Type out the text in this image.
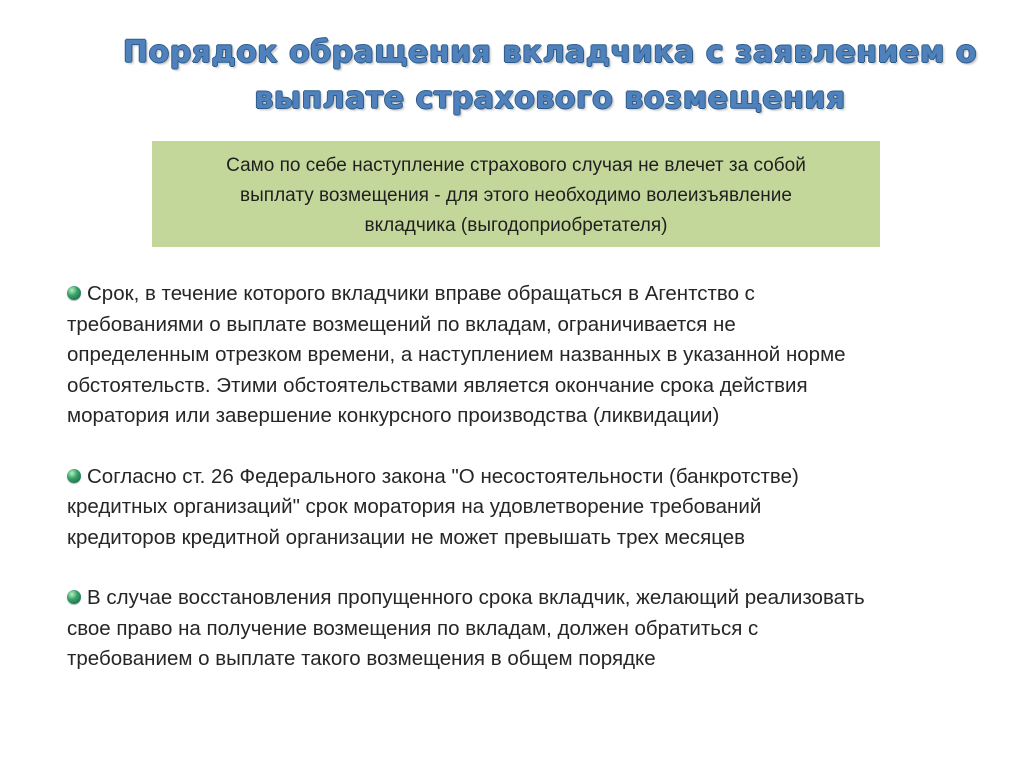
Порядок обращения вкладчика с заявлением о
выплате страхового возмещения
Само по себе наступление страхового случая не влечет за собой
выплату возмещения - для этого необходимо волеизъявление
вкладчика (выгодоприобретателя)
Срок, в течение которого вкладчики вправе обращаться в Агентство с
требованиями о выплате возмещений по вкладам, ограничивается не
определенным отрезком времени, а наступлением названных в указанной норме
обстоятельств. Этими обстоятельствами является окончание срока действия
моратория или завершение конкурсного производства (ликвидации)
Согласно ст. 26 Федерального закона "О несостоятельности (банкротстве)
кредитных организаций" срок моратория на удовлетворение требований
кредиторов кредитной организации не может превышать трех месяцев
В случае восстановления пропущенного срока вкладчик, желающий реализовать
свое право на получение возмещения по вкладам, должен обратиться с
требованием о выплате такого возмещения в общем порядке
